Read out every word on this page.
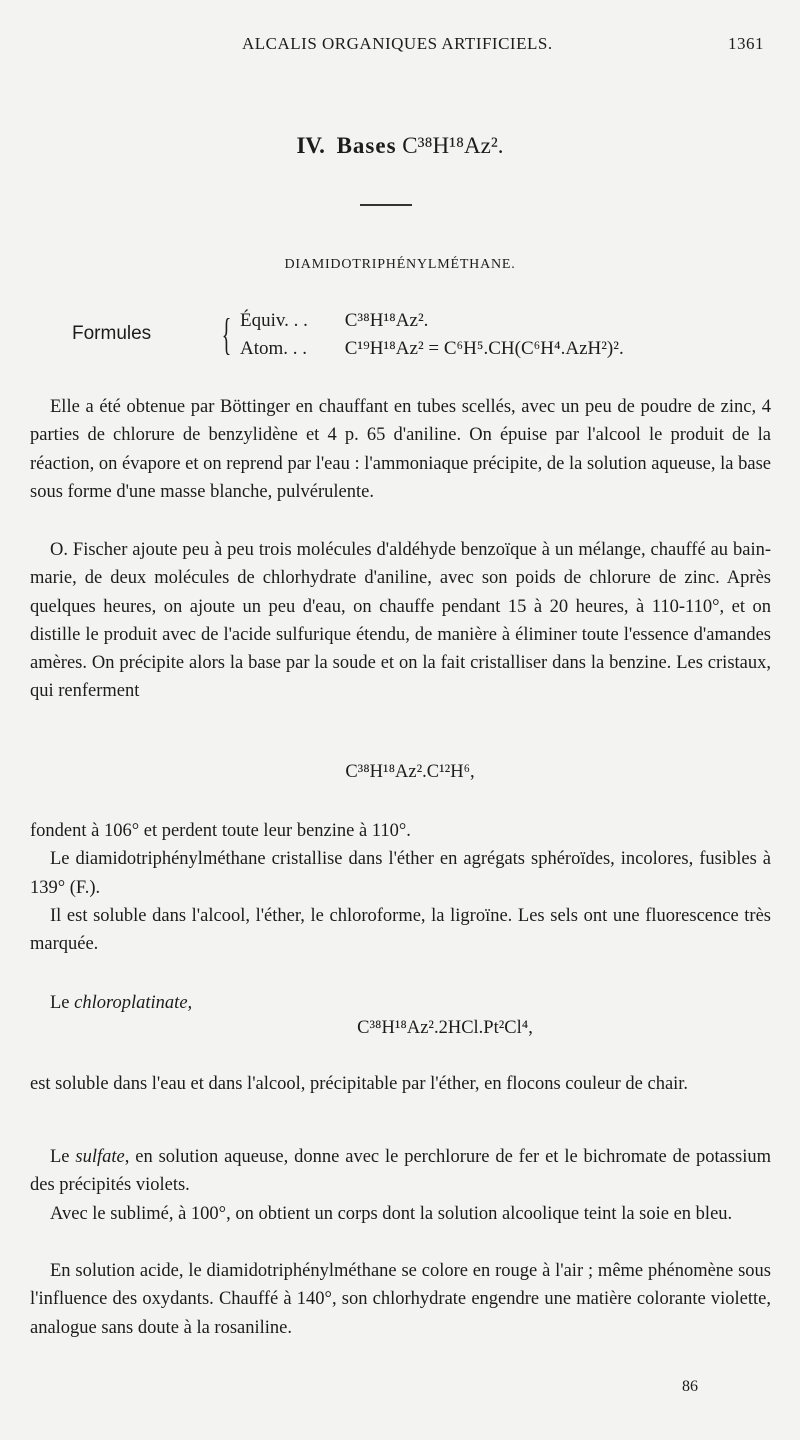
ALCALIS ORGANIQUES ARTIFICIELS.	1361
IV. Bases C³⁸H¹⁸Az².
DIAMIDOTRIPHÉNYLMÉTHANE.
Formules { Équiv. . . C³⁸H¹⁸Az².
Atom. . . C¹⁹H¹⁸Az² = C⁶H⁵.CH(C⁶H⁴.AzH²)².

Elle a été obtenue par Böttinger en chauffant en tubes scellés, avec un peu de poudre de zinc, 4 parties de chlorure de benzylidène et 4 p. 65 d'aniline. On épuise par l'alcool le produit de la réaction, on évapore et on reprend par l'eau : l'ammoniaque précipite, de la solution aqueuse, la base sous forme d'une masse blanche, pulvérulente.

O. Fischer ajoute peu à peu trois molécules d'aldéhyde benzoïque à un mélange, chauffé au bain-marie, de deux molécules de chlorhydrate d'aniline, avec son poids de chlorure de zinc. Après quelques heures, on ajoute un peu d'eau, on chauffe pendant 15 à 20 heures, à 110-110°, et on distille le produit avec de l'acide sulfurique étendu, de manière à éliminer toute l'essence d'amandes amères. On précipite alors la base par la soude et on la fait cristalliser dans la benzine. Les cristaux, qui renferment

C³⁸H¹⁸Az².C¹²H⁶,

fondent à 106° et perdent toute leur benzine à 110°.

Le diamidotriphénylméthane cristallise dans l'éther en agrégats sphéroïdes, incolores, fusibles à 139° (F.).

Il est soluble dans l'alcool, l'éther, le chloroforme, la ligroïne. Les sels ont une fluorescence très marquée.

Le chloroplatinate,

C³⁸H¹⁸Az².2HCl.Pt²Cl⁴,

est soluble dans l'eau et dans l'alcool, précipitable par l'éther, en flocons couleur de chair.

Le sulfate, en solution aqueuse, donne avec le perchlorure de fer et le bichromate de potassium des précipités violets.

Avec le sublimé, à 100°, on obtient un corps dont la solution alcoolique teint la soie en bleu.

En solution acide, le diamidotriphénylméthane se colore en rouge à l'air ; même phénomène sous l'influence des oxydants. Chauffé à 140°, son chlorhydrate engendre une matière colorante violette, analogue sans doute à la rosaniline.

86
